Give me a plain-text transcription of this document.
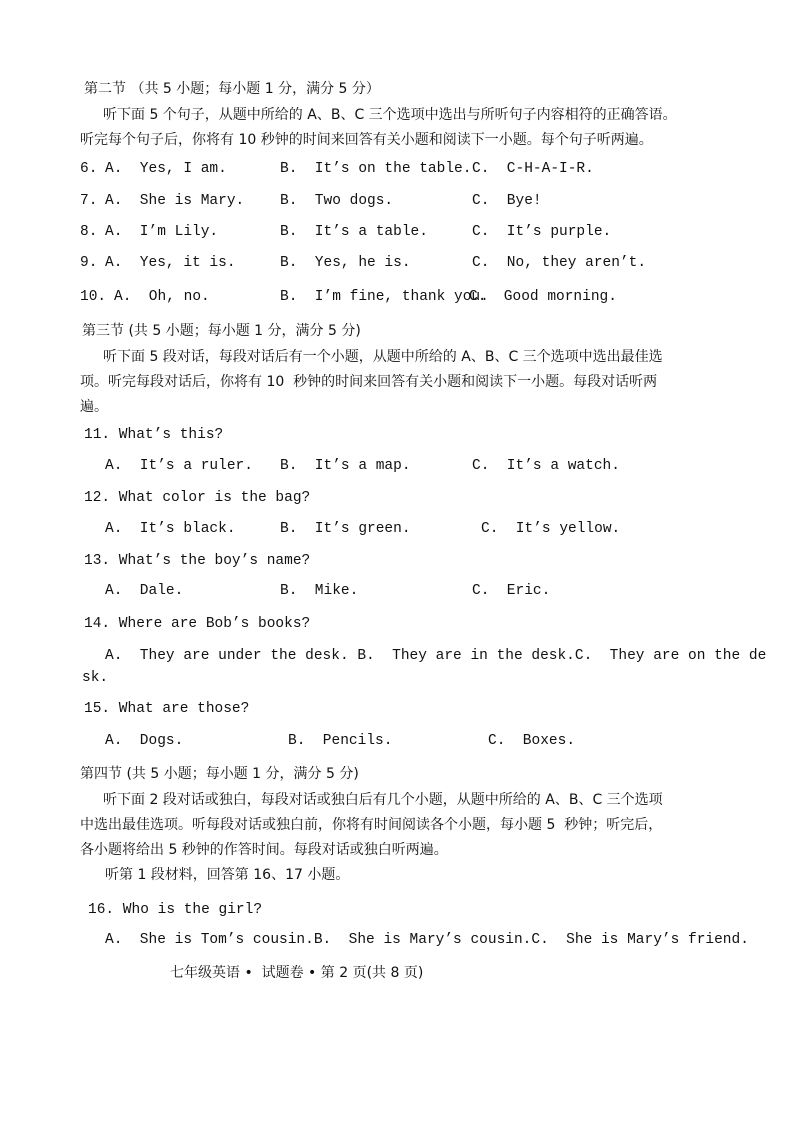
第二节 （共 5 小题；每小题 1 分，满分 5 分）
听下面 5 个句子，从题中所给的 A、B、C 三个选项中选出与所听句子内容相符的正确答语。
听完每个句子后，你将有 10 秒钟的时间来回答有关小题和阅读下一小题。每个句子听两遍。
6. A.  Yes, I am.	B.  It’s on the table. C.  C-H-A-I-R.
7. A.  She is Mary. B.  Two dogs.	C.  Bye!
8. A.  I’m Lily.	B.  It’s a table.	C.  It’s purple.
9. A.  Yes, it is.	B.  Yes, he is.	C.  No, they aren’t.
10. A.  Oh, no.	B.  I’m fine, thank you.
C.  Good morning.
第三节 (共 5 小题；每小题 1 分，满分 5 分)
听下面 5 段对话，每段对话后有一个小题，从题中所给的 A、B、C 三个选项中选出最佳选
项。听完每段对话后，你将有 10  秒钟的时间来回答有关小题和阅读下一小题。每段对话听两
遍。
11. What’s this?
A.  It’s a ruler. B.  It’s a map.	C.  It’s a watch.
12. What color is the bag?
A.  It’s black.	B.  It’s green.	C.  It’s yellow.
13. What’s the boy’s name?
A.  Dale.	B.  Mike.	C.  Eric.
14. Where are Bob’s books?
A.  They are under the desk. B.  They are in the desk.C.  They are on the de
sk.
15. What are those?
A.  Dogs.	B.  Pencils.	C.  Boxes.
第四节 (共 5 小题；每小题 1 分，满分 5 分)
听下面 2 段对话或独白，每段对话或独白后有几个小题，从题中所给的 A、B、C 三个选项
中选出最佳选项。听每段对话或独白前，你将有时间阅读各个小题，每小题 5  秒钟；听完后，
各小题将给出 5 秒钟的作答时间。每段对话或独白听两遍。
听第 1 段材料，回答第 16、17 小题。
16. Who is the girl?
A.  She is Tom’s cousin.B.  She is Mary’s cousin.C.  She is Mary’s friend.
七年级英语 •  试题卷 • 第 2 页(共 8 页)
